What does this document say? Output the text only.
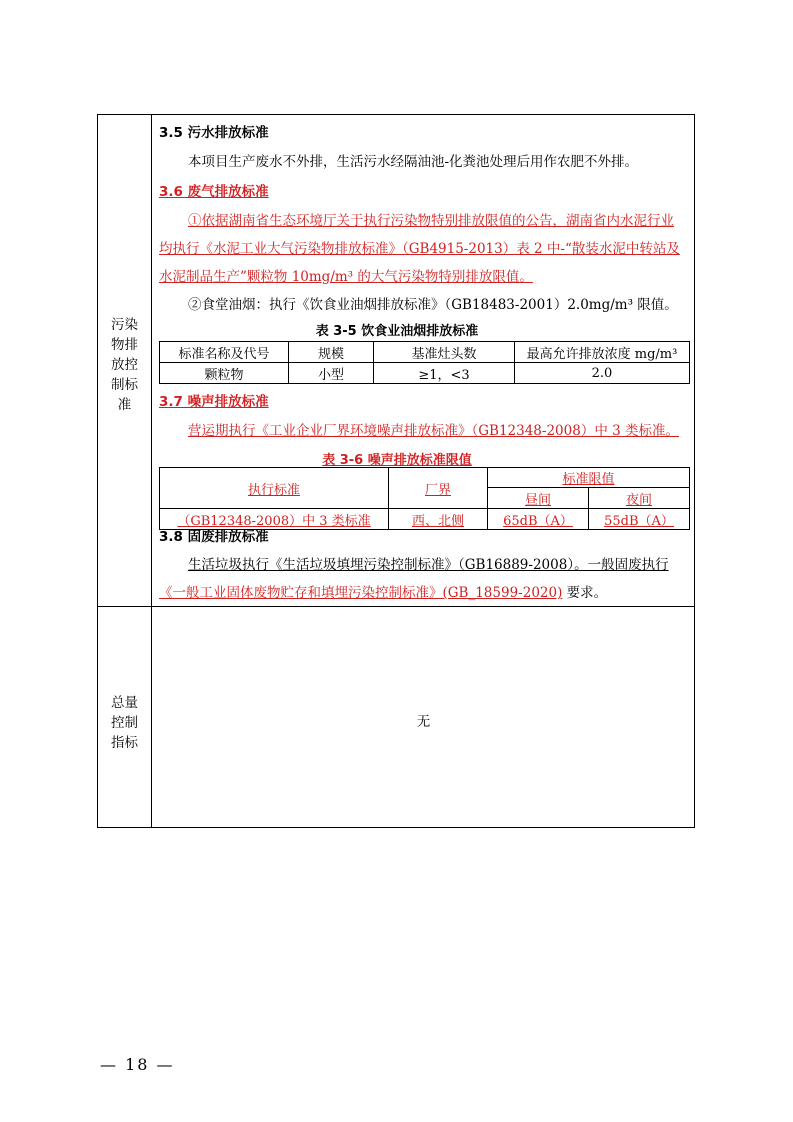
污染
物排
放控
制标
准
总量
控制
指标
3.5 污水排放标准
本项目生产废水不外排，生活污水经隔油池-化粪池处理后用作农肥不外排。
3.6 废气排放标准
①依据湖南省生态环境厅关于执行污染物特别排放限值的公告，湖南省内水泥行业
均执行《水泥工业大气污染物排放标准》（GB4915-2013）表 2 中-“散装水泥中转站及
水泥制品生产”颗粒物 10mg/m³ 的大气污染物特别排放限值。
②食堂油烟：执行《饮食业油烟排放标准》（GB18483-2001）2.0mg/m³ 限值。
表 3-5 饮食业油烟排放标准
标准名称及代号	规模	基准灶头数	最高允许排放浓度 mg/m³
颗粒物	小型	≥1，<3	2.0
3.7 噪声排放标准
营运期执行《工业企业厂界环境噪声排放标准》（GB12348-2008）中 3 类标准。
表 3-6 噪声排放标准限值
执行标准	厂界	标准限值	
		昼间	夜间
（GB12348-2008）中 3 类标准	西、北侧	65dB（A）	55dB（A）
3.8 固废排放标准
生活垃圾执行《生活垃圾填埋污染控制标准》（GB16889-2008）。一般固废执行
《一般工业固体废物贮存和填埋污染控制标准》(GB_18599-2020) 要求。
无
— 18 —
